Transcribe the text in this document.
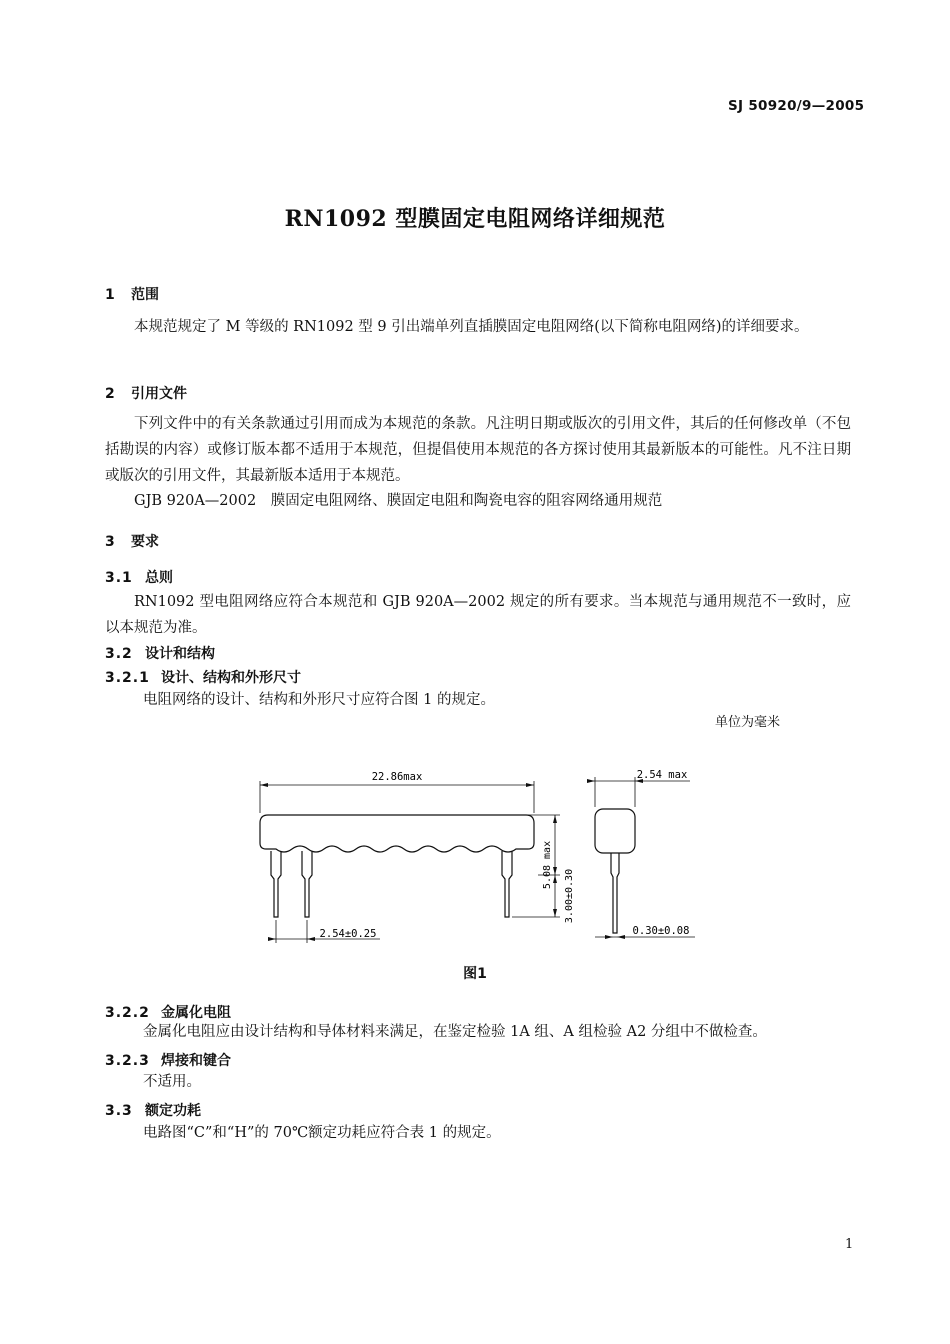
SJ 50920/9—2005
RN1092 型膜固定电阻网络详细规范
1 范围
本规范规定了 M 等级的 RN1092 型 9 引出端单列直插膜固定电阻网络(以下简称电阻网络)的详细要求。
2 引用文件
下列文件中的有关条款通过引用而成为本规范的条款。凡注明日期或版次的引用文件，其后的任何修改单（不包括勘误的内容）或修订版本都不适用于本规范，但提倡使用本规范的各方探讨使用其最新版本的可能性。凡不注日期或版次的引用文件，其最新版本适用于本规范。
GJB 920A—2002　膜固定电阻网络、膜固定电阻和陶瓷电容的阻容网络通用规范
3 要求
3.1 总则
RN1092 型电阻网络应符合本规范和 GJB 920A—2002 规定的所有要求。当本规范与通用规范不一致时，应以本规范为准。
3.2 设计和结构
3.2.1 设计、结构和外形尺寸
电阻网络的设计、结构和外形尺寸应符合图 1 的规定。
单位为毫米
22.86max
5.08 max
3.00±0.30
2.54±0.25
2.54 max
0.30±0.08
图1
3.2.2 金属化电阻
金属化电阻应由设计结构和导体材料来满足，在鉴定检验 1A 组、A 组检验 A2 分组中不做检查。
3.2.3 焊接和键合
不适用。
3.3 额定功耗
电路图“C”和“H”的 70℃额定功耗应符合表 1 的规定。
1
